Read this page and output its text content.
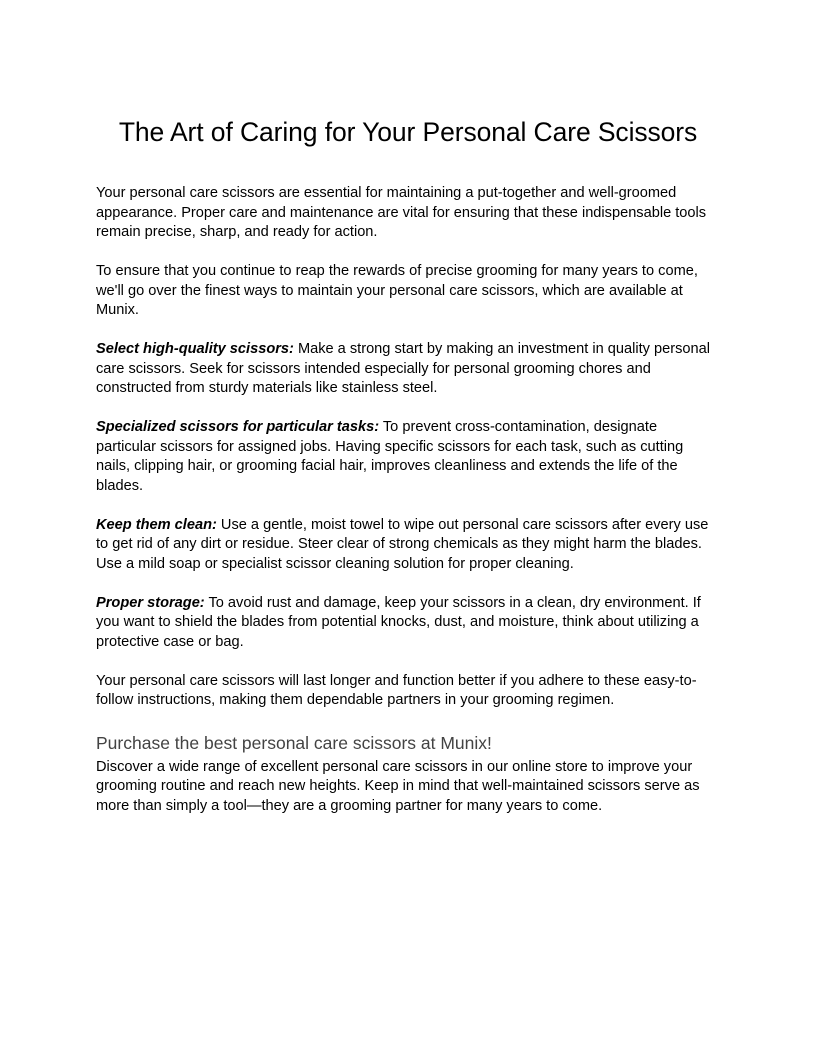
The Art of Caring for Your Personal Care Scissors

Your personal care scissors are essential for maintaining a put-together and well-groomed appearance. Proper care and maintenance are vital for ensuring that these indispensable tools remain precise, sharp, and ready for action.

To ensure that you continue to reap the rewards of precise grooming for many years to come, we'll go over the finest ways to maintain your personal care scissors, which are available at Munix.

Select high-quality scissors: Make a strong start by making an investment in quality personal care scissors. Seek for scissors intended especially for personal grooming chores and constructed from sturdy materials like stainless steel.

Specialized scissors for particular tasks: To prevent cross-contamination, designate particular scissors for assigned jobs. Having specific scissors for each task, such as cutting nails, clipping hair, or grooming facial hair, improves cleanliness and extends the life of the blades.

Keep them clean: Use a gentle, moist towel to wipe out personal care scissors after every use to get rid of any dirt or residue. Steer clear of strong chemicals as they might harm the blades. Use a mild soap or specialist scissor cleaning solution for proper cleaning.

Proper storage: To avoid rust and damage, keep your scissors in a clean, dry environment. If you want to shield the blades from potential knocks, dust, and moisture, think about utilizing a protective case or bag.

Your personal care scissors will last longer and function better if you adhere to these easy-to-follow instructions, making them dependable partners in your grooming regimen.

Purchase the best personal care scissors at Munix!

Discover a wide range of excellent personal care scissors in our online store to improve your grooming routine and reach new heights. Keep in mind that well-maintained scissors serve as more than simply a tool—they are a grooming partner for many years to come.
